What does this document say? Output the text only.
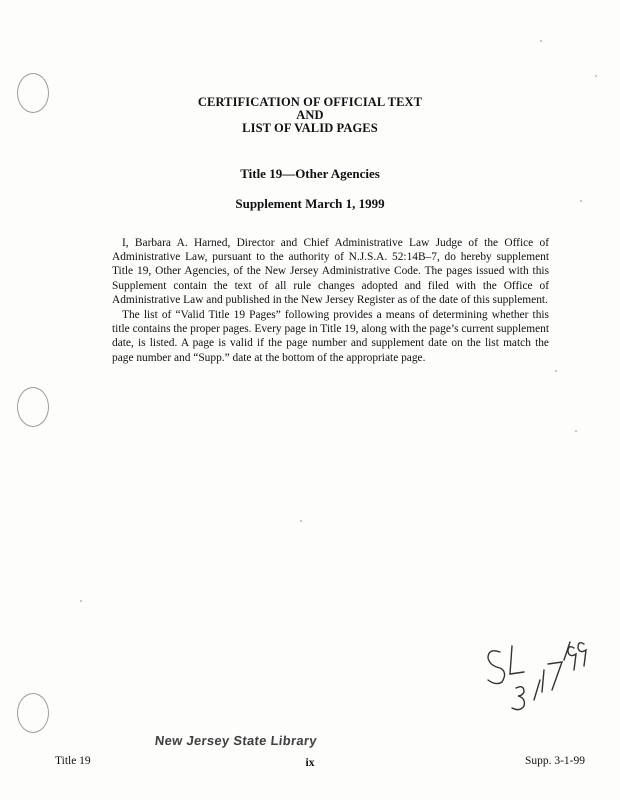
CERTIFICATION OF OFFICIAL TEXT
AND
LIST OF VALID PAGES
Title 19—Other Agencies
Supplement March 1, 1999
I, Barbara A. Harned, Director and Chief Administrative Law Judge of the Office of Administrative Law, pursuant to the authority of N.J.S.A. 52:14B–7, do hereby supplement Title 19, Other Agencies, of the New Jersey Administrative Code. The pages issued with this Supplement contain the text of all rule changes adopted and filed with the Office of Administrative Law and published in the New Jersey Register as of the date of this supplement.
The list of “Valid Title 19 Pages” following provides a means of determining whether this title contains the proper pages. Every page in Title 19, along with the page’s current supplement date, is listed. A page is valid if the page number and supplement date on the list match the page number and “Supp.” date at the bottom of the appropriate page.
New Jersey State Library
Title 19	ix	Supp. 3-1-99
